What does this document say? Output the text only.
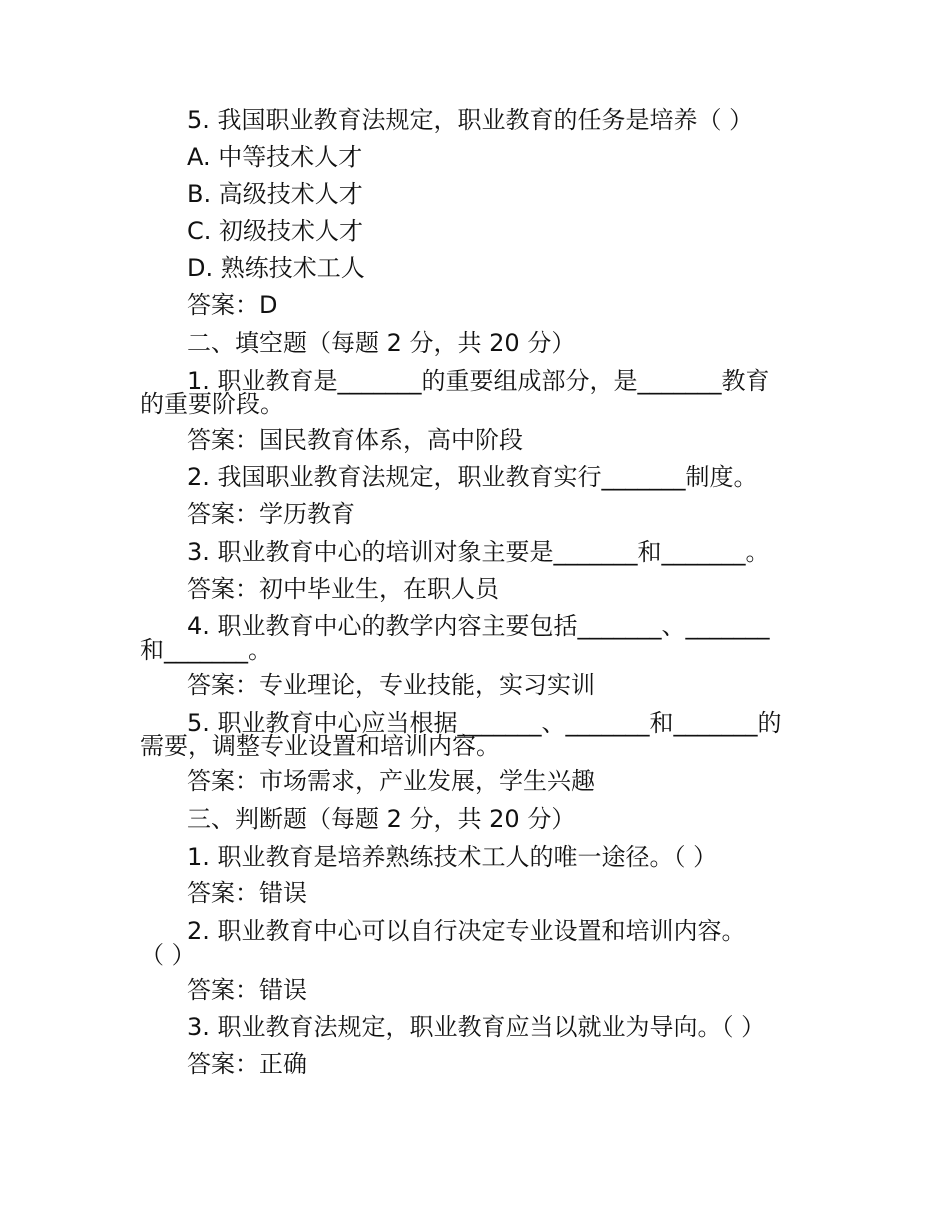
5. 我国职业教育法规定，职业教育的任务是培养（ ）
A. 中等技术人才
B. 高级技术人才
C. 初级技术人才
D. 熟练技术工人
答案：D
二、填空题（每题 2 分，共 20 分）
1. 职业教育是_______的重要组成部分，是_______教育
的重要阶段。
答案：国民教育体系，高中阶段
2. 我国职业教育法规定，职业教育实行_______制度。
答案：学历教育
3. 职业教育中心的培训对象主要是_______和_______。
答案：初中毕业生，在职人员
4. 职业教育中心的教学内容主要包括_______、_______
和_______。
答案：专业理论，专业技能，实习实训
5. 职业教育中心应当根据_______、_______和_______的
需要，调整专业设置和培训内容。
答案：市场需求，产业发展，学生兴趣
三、判断题（每题 2 分，共 20 分）
1. 职业教育是培养熟练技术工人的唯一途径。（ ）
答案：错误
2. 职业教育中心可以自行决定专业设置和培训内容。
（ ）
答案：错误
3. 职业教育法规定，职业教育应当以就业为导向。（ ）
答案：正确
